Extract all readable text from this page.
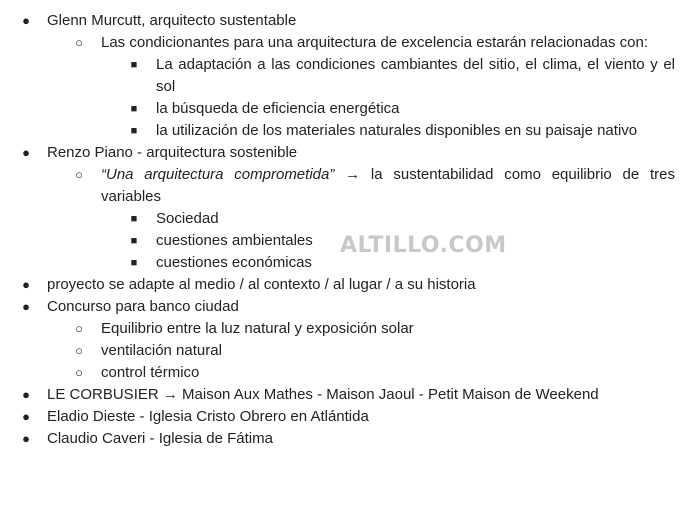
● Glenn Murcutt, arquitecto sustentable
○ Las condicionantes para una arquitectura de excelencia estarán relacionadas con:
■ La adaptación a las condiciones cambiantes del sitio, el clima, el viento y el sol
■ la búsqueda de eficiencia energética
■ la utilización de los materiales naturales disponibles en su paisaje nativo
● Renzo Piano - arquitectura sostenible
○ “Una arquitectura comprometida” → la sustentabilidad como equilibrio de tres variables
■ Sociedad
■ cuestiones ambientales
■ cuestiones económicas
● proyecto se adapte al medio / al contexto / al lugar / a su historia
● Concurso para banco ciudad
○ Equilibrio entre la luz natural y exposición solar
○ ventilación natural
○ control térmico
● LE CORBUSIER → Maison Aux Mathes - Maison Jaoul - Petit Maison de Weekend
● Eladio Dieste - Iglesia Cristo Obrero en Atlántida
● Claudio Caveri - Iglesia de Fátima
ALTILLO.COM
